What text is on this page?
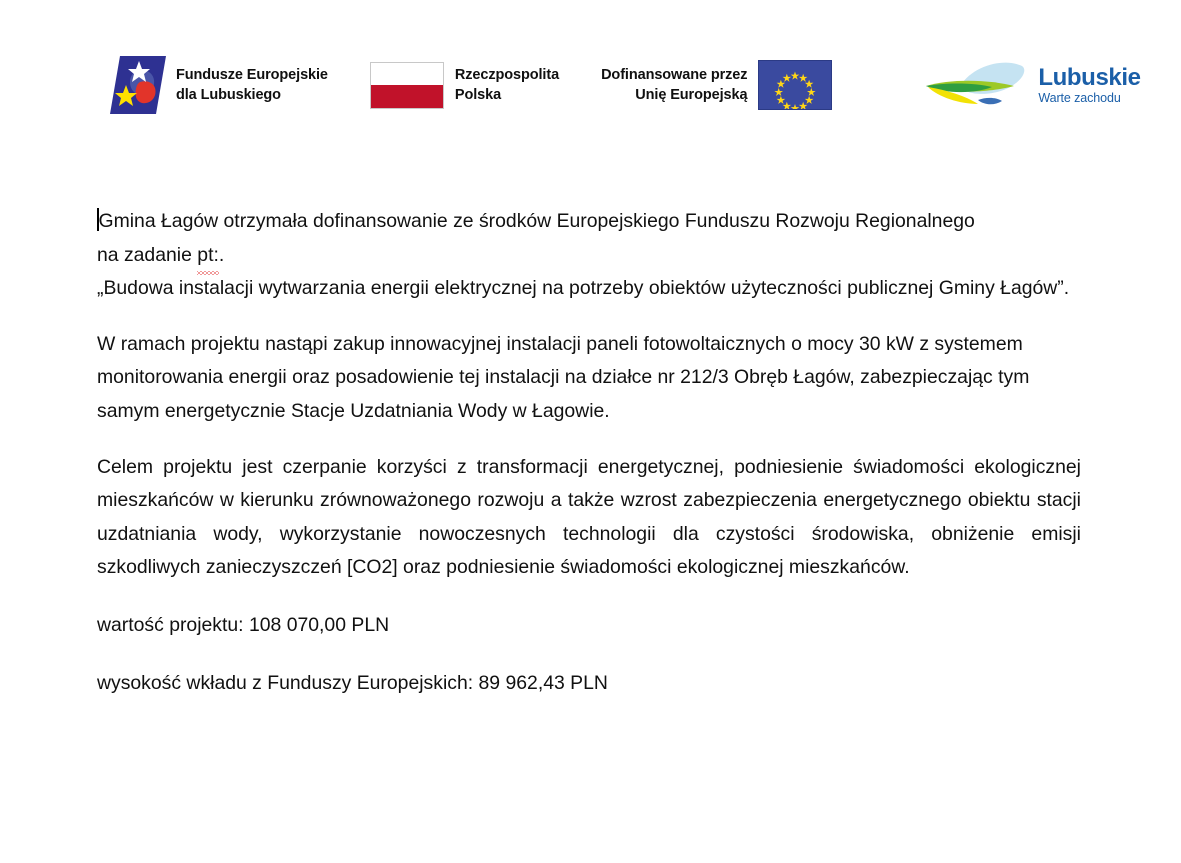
Fundusze Europejskie
dla Lubuskiego
Rzeczpospolita
Polska
Dofinansowane przez
Unię Europejską
Lubuskie
Warte zachodu

Gmina Łagów otrzymała dofinansowanie ze środków Europejskiego Funduszu Rozwoju Regionalnego
na zadanie pt:.

„Budowa instalacji wytwarzania energii elektrycznej na potrzeby obiektów użyteczności publicznej Gminy Łagów”.

W ramach projektu nastąpi zakup innowacyjnej instalacji paneli fotowoltaicznych o mocy 30 kW z systemem monitorowania energii oraz posadowienie tej instalacji na działce nr 212/3 Obręb Łagów, zabezpieczając tym samym energetycznie Stacje Uzdatniania Wody w Łagowie.

Celem projektu jest czerpanie korzyści z transformacji energetycznej, podniesienie świadomości ekologicznej mieszkańców w kierunku zrównoważonego rozwoju a także wzrost zabezpieczenia energetycznego obiektu stacji uzdatniania wody, wykorzystanie nowoczesnych technologii dla czystości środowiska, obniżenie emisji szkodliwych zanieczyszczeń [CO2] oraz podniesienie świadomości ekologicznej mieszkańców.

wartość projektu: 108 070,00 PLN

wysokość wkładu z Funduszy Europejskich: 89 962,43 PLN
